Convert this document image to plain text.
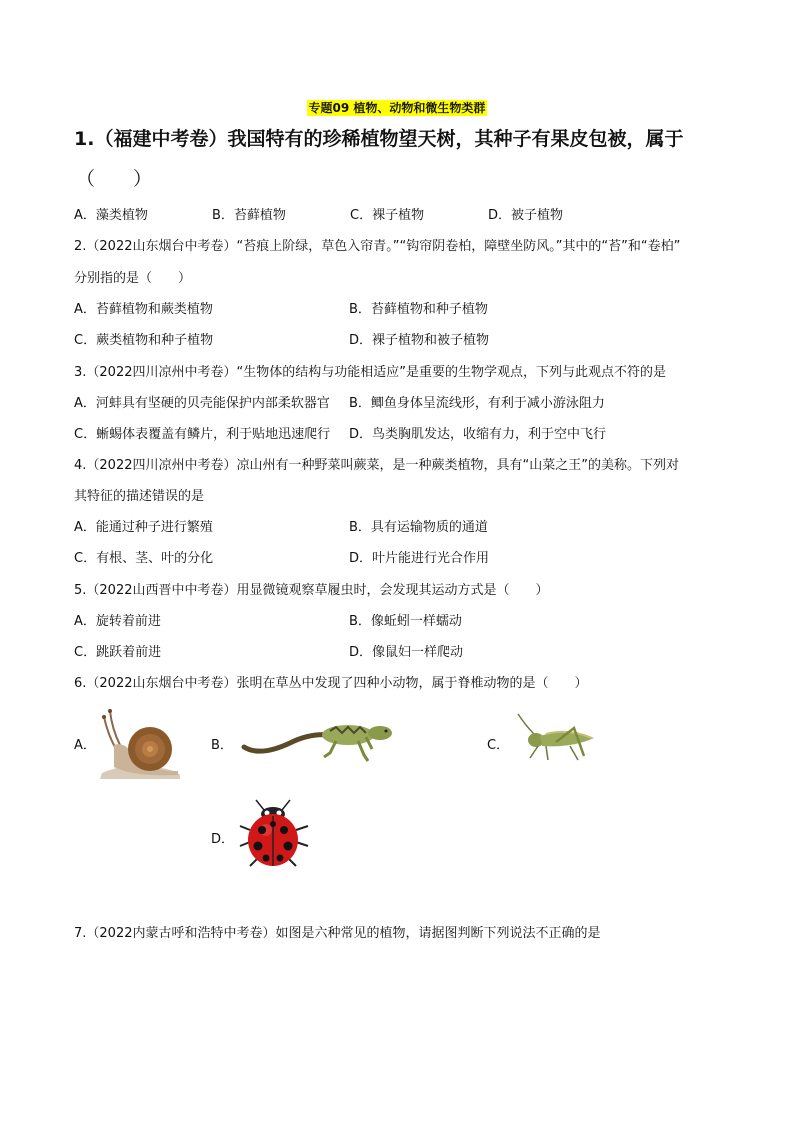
专题09 植物、动物和微生物类群
1.（福建中考卷）我国特有的珍稀植物望天树，其种子有果皮包被，属于
（　　）
A．藻类植物	B．苔藓植物	C．裸子植物	D．被子植物
2.（2022山东烟台中考卷）“苔痕上阶绿，草色入帘青。”“钩帘阴卷柏，障壁坐防风。”其中的“苔”和“卷柏”
分别指的是（　　）
A．苔藓植物和蕨类植物	B．苔藓植物和种子植物
C．蕨类植物和种子植物	D．裸子植物和被子植物
3.（2022四川凉州中考卷）“生物体的结构与功能相适应”是重要的生物学观点，下列与此观点不符的是
A．河蚌具有坚硬的贝壳能保护内部柔软器官 B．鲫鱼身体呈流线形，有利于减小游泳阻力
C．蜥蜴体表覆盖有鳞片，利于贴地迅速爬行 D．鸟类胸肌发达，收缩有力，利于空中飞行
4.（2022四川凉州中考卷）凉山州有一种野菜叫蕨菜，是一种蕨类植物，具有“山菜之王”的美称。下列对
其特征的描述错误的是
A．能通过种子进行繁殖	B．具有运输物质的通道
C．有根、茎、叶的分化	D．叶片能进行光合作用
5.（2022山西晋中中考卷）用显微镜观察草履虫时，会发现其运动方式是（　　）
A．旋转着前进	B．像蚯蚓一样蠕动
C．跳跃着前进	D．像鼠妇一样爬动
6.（2022山东烟台中考卷）张明在草丛中发现了四种小动物，属于脊椎动物的是（　　）
A．	B．	C．
D．
7.（2022内蒙古呼和浩特中考卷）如图是六种常见的植物，请据图判断下列说法不正确的是
